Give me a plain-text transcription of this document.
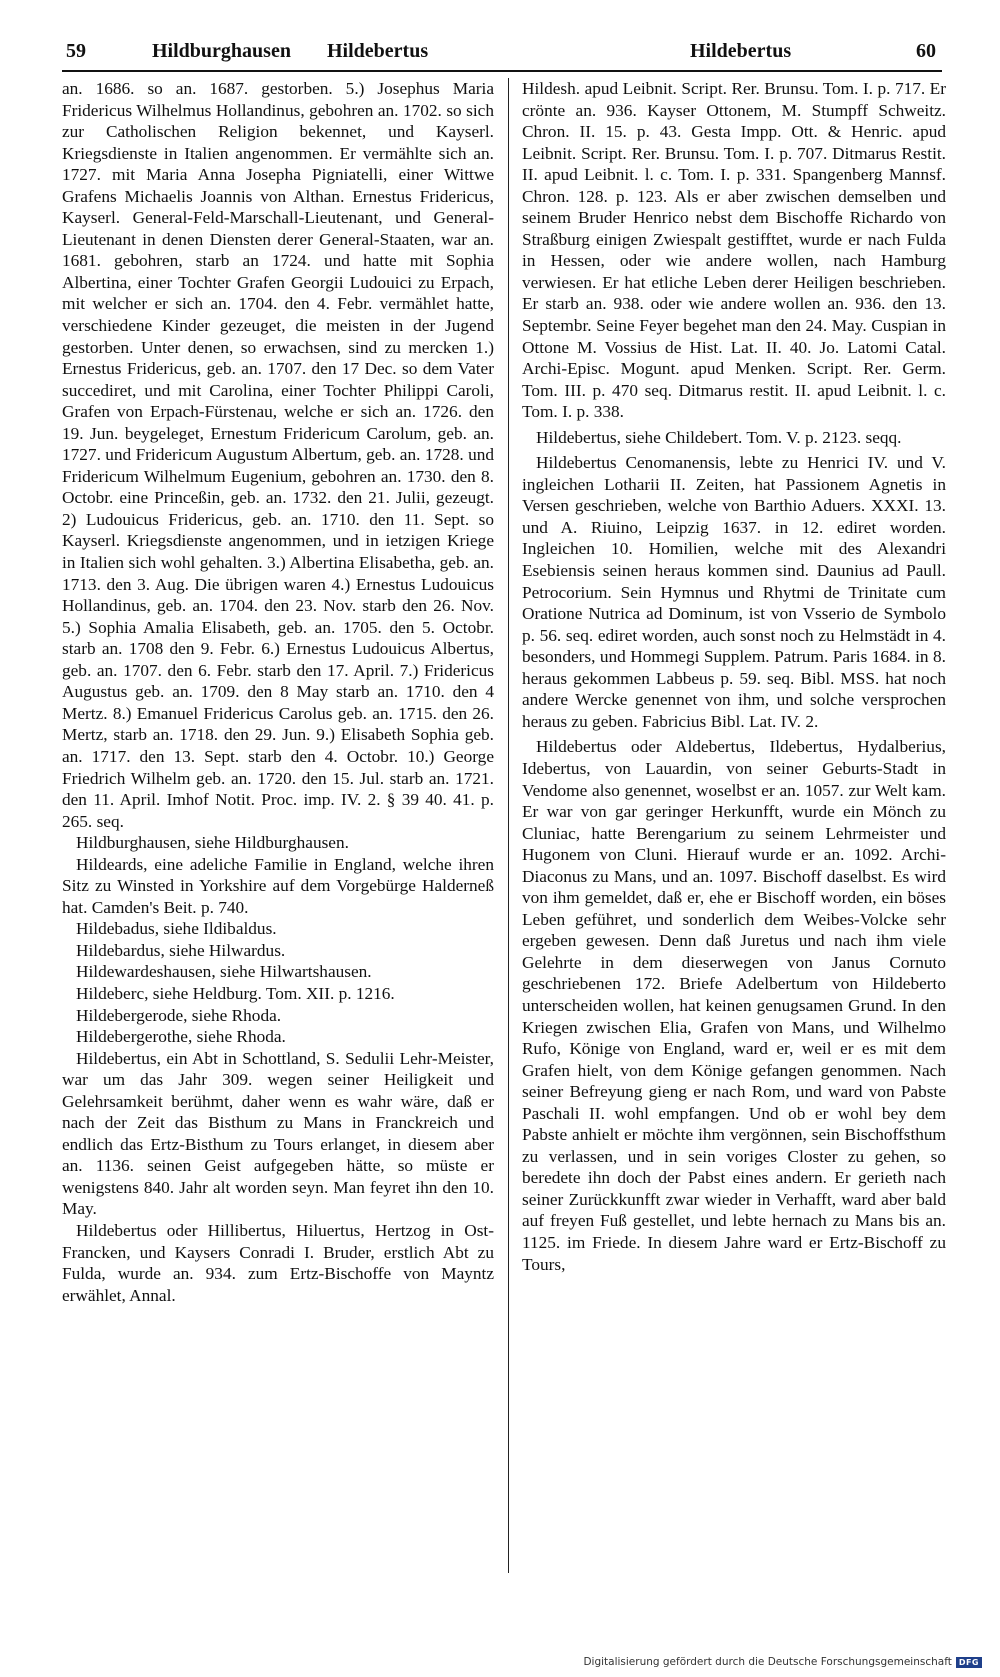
59	Hildburghausen Hildebertus	Hildebertus	60

an. 1686. so an. 1687. gestorben. 5.) Josephus Maria Fridericus Wilhelmus Hollandinus, gebohren an. 1702. so sich zur Catholischen Religion bekennet, und Kayserl. Kriegsdienste in Italien angenommen. Er vermählte sich an. 1727. mit Maria Anna Josepha Pigniatelli, einer Wittwe Grafens Michaelis Joannis von Althan. Ernestus Fridericus, Kayserl. General-Feld-Marschall-Lieutenant, und General-Lieutenant in denen Diensten derer General-Staaten, war an. 1681. gebohren, starb an 1724. und hatte mit Sophia Albertina, einer Tochter Grafen Georgii Ludouici zu Erpach, mit welcher er sich an. 1704. den 4. Febr. vermählet hatte, verschiedene Kinder gezeuget, die meisten in der Jugend gestorben. Unter denen, so erwachsen, sind zu mercken 1.) Ernestus Fridericus, geb. an. 1707. den 17 Dec. so dem Vater succediret, und mit Carolina, einer Tochter Philippi Caroli, Grafen von Erpach-Fürstenau, welche er sich an. 1726. den 19. Jun. beygeleget, Ernestum Fridericum Carolum, geb. an. 1727. und Fridericum Augustum Albertum, geb. an. 1728. und Fridericum Wilhelmum Eugenium, gebohren an. 1730. den 8. Octobr. eine Princeßin, geb. an. 1732. den 21. Julii, gezeugt. 2) Ludouicus Fridericus, geb. an. 1710. den 11. Sept. so Kayserl. Kriegsdienste angenommen, und in ietzigen Kriege in Italien sich wohl gehalten. 3.) Albertina Elisabetha, geb. an. 1713. den 3. Aug. Die übrigen waren 4.) Ernestus Ludouicus Hollandinus, geb. an. 1704. den 23. Nov. starb den 26. Nov. 5.) Sophia Amalia Elisabeth, geb. an. 1705. den 5. Octobr. starb an. 1708 den 9. Febr. 6.) Ernestus Ludouicus Albertus, geb. an. 1707. den 6. Febr. starb den 17. April. 7.) Fridericus Augustus geb. an. 1709. den 8 May starb an. 1710. den 4 Mertz. 8.) Emanuel Fridericus Carolus geb. an. 1715. den 26. Mertz, starb an. 1718. den 29. Jun. 9.) Elisabeth Sophia geb. an. 1717. den 13. Sept. starb den 4. Octobr. 10.) George Friedrich Wilhelm geb. an. 1720. den 15. Jul. starb an. 1721. den 11. April. Imhof Notit. Proc. imp. IV. 2. § 39 40. 41. p. 265. seq.

Hildburghausen, siehe Hildburghausen.

Hildeards, eine adeliche Familie in England, welche ihren Sitz zu Winsted in Yorkshire auf dem Vorgebürge Halderneß hat. Camden's Beit. p. 740.

Hildebadus, siehe Ildibaldus.

Hildebardus, siehe Hilwardus.

Hildewardeshausen, siehe Hilwartshausen.

Hildeberc, siehe Heldburg. Tom. XII. p. 1216.

Hildebergerode, siehe Rhoda.

Hildebergerothe, siehe Rhoda.

Hildebertus, ein Abt in Schottland, S. Sedulii Lehr-Meister, war um das Jahr 309. wegen seiner Heiligkeit und Gelehrsamkeit berühmt, daher wenn es wahr wäre, daß er nach der Zeit das Bisthum zu Mans in Franckreich und endlich das Ertz-Bisthum zu Tours erlanget, in diesem aber an. 1136. seinen Geist aufgegeben hätte, so müste er wenigstens 840. Jahr alt worden seyn. Man feyret ihn den 10. May.

Hildebertus oder Hillibertus, Hiluertus, Hertzog in Ost-Francken, und Kaysers Conradi I. Bruder, erstlich Abt zu Fulda, wurde an. 934. zum Ertz-Bischoffe von Mayntz erwählet, Annal.

Hildesh. apud Leibnit. Script. Rer. Brunsu. Tom. I. p. 717. Er crönte an. 936. Kayser Ottonem, M. Stumpff Schweitz. Chron. II. 15. p. 43. Gesta Impp. Ott. & Henric. apud Leibnit. Script. Rer. Brunsu. Tom. I. p. 707. Ditmarus Restit. II. apud Leibnit. l. c. Tom. I. p. 331. Spangenberg Mannsf. Chron. 128. p. 123. Als er aber zwischen demselben und seinem Bruder Henrico nebst dem Bischoffe Richardo von Straßburg einigen Zwiespalt gestifftet, wurde er nach Fulda in Hessen, oder wie andere wollen, nach Hamburg verwiesen. Er hat etliche Leben derer Heiligen beschrieben. Er starb an. 938. oder wie andere wollen an. 936. den 13. Septembr. Seine Feyer begehet man den 24. May. Cuspian in Ottone M. Vossius de Hist. Lat. II. 40. Jo. Latomi Catal. Archi-Episc. Mogunt. apud Menken. Script. Rer. Germ. Tom. III. p. 470 seq. Ditmarus restit. II. apud Leibnit. l. c. Tom. I. p. 338.

Hildebertus, siehe Childebert. Tom. V. p. 2123. seqq.

Hildebertus Cenomanensis, lebte zu Henrici IV. und V. ingleichen Lotharii II. Zeiten, hat Passionem Agnetis in Versen geschrieben, welche von Barthio Aduers. XXXI. 13. und A. Riuino, Leipzig 1637. in 12. ediret worden. Ingleichen 10. Homilien, welche mit des Alexandri Esebiensis seinen heraus kommen sind. Daunius ad Paull. Petrocorium. Sein Hymnus und Rhytmi de Trinitate cum Oratione Nutrica ad Dominum, ist von Vsserio de Symbolo p. 56. seq. ediret worden, auch sonst noch zu Helmstädt in 4. besonders, und Hommegi Supplem. Patrum. Paris 1684. in 8. heraus gekommen Labbeus p. 59. seq. Bibl. MSS. hat noch andere Wercke genennet von ihm, und solche versprochen heraus zu geben. Fabricius Bibl. Lat. IV. 2.

Hildebertus oder Aldebertus, Ildebertus, Hydalberius, Idebertus, von Lauardin, von seiner Geburts-Stadt in Vendome also genennet, woselbst er an. 1057. zur Welt kam. Er war von gar geringer Herkunfft, wurde ein Mönch zu Cluniac, hatte Berengarium zu seinem Lehrmeister und Hugonem von Cluni. Hierauf wurde er an. 1092. Archi-Diaconus zu Mans, und an. 1097. Bischoff daselbst. Es wird von ihm gemeldet, daß er, ehe er Bischoff worden, ein böses Leben geführet, und sonderlich dem Weibes-Volcke sehr ergeben gewesen. Denn daß Juretus und nach ihm viele Gelehrte in dem dieserwegen von Janus Cornuto geschriebenen 172. Briefe Adelbertum von Hildeberto unterscheiden wollen, hat keinen genugsamen Grund. In den Kriegen zwischen Elia, Grafen von Mans, und Wilhelmo Rufo, Könige von England, ward er, weil er es mit dem Grafen hielt, von dem Könige gefangen genommen. Nach seiner Befreyung gieng er nach Rom, und ward von Pabste Paschali II. wohl empfangen. Und ob er wohl bey dem Pabste anhielt er möchte ihm vergönnen, sein Bischoffsthum zu verlassen, und in sein voriges Closter zu gehen, so beredete ihn doch der Pabst eines andern. Er gerieth nach seiner Zurückkunfft zwar wieder in Verhafft, ward aber bald auf freyen Fuß gestellet, und lebte hernach zu Mans bis an. 1125. im Friede. In diesem Jahre ward er Ertz-Bischoff zu Tours,

Digitalisierung gefördert durch die Deutsche Forschungsgemeinschaft DFG
